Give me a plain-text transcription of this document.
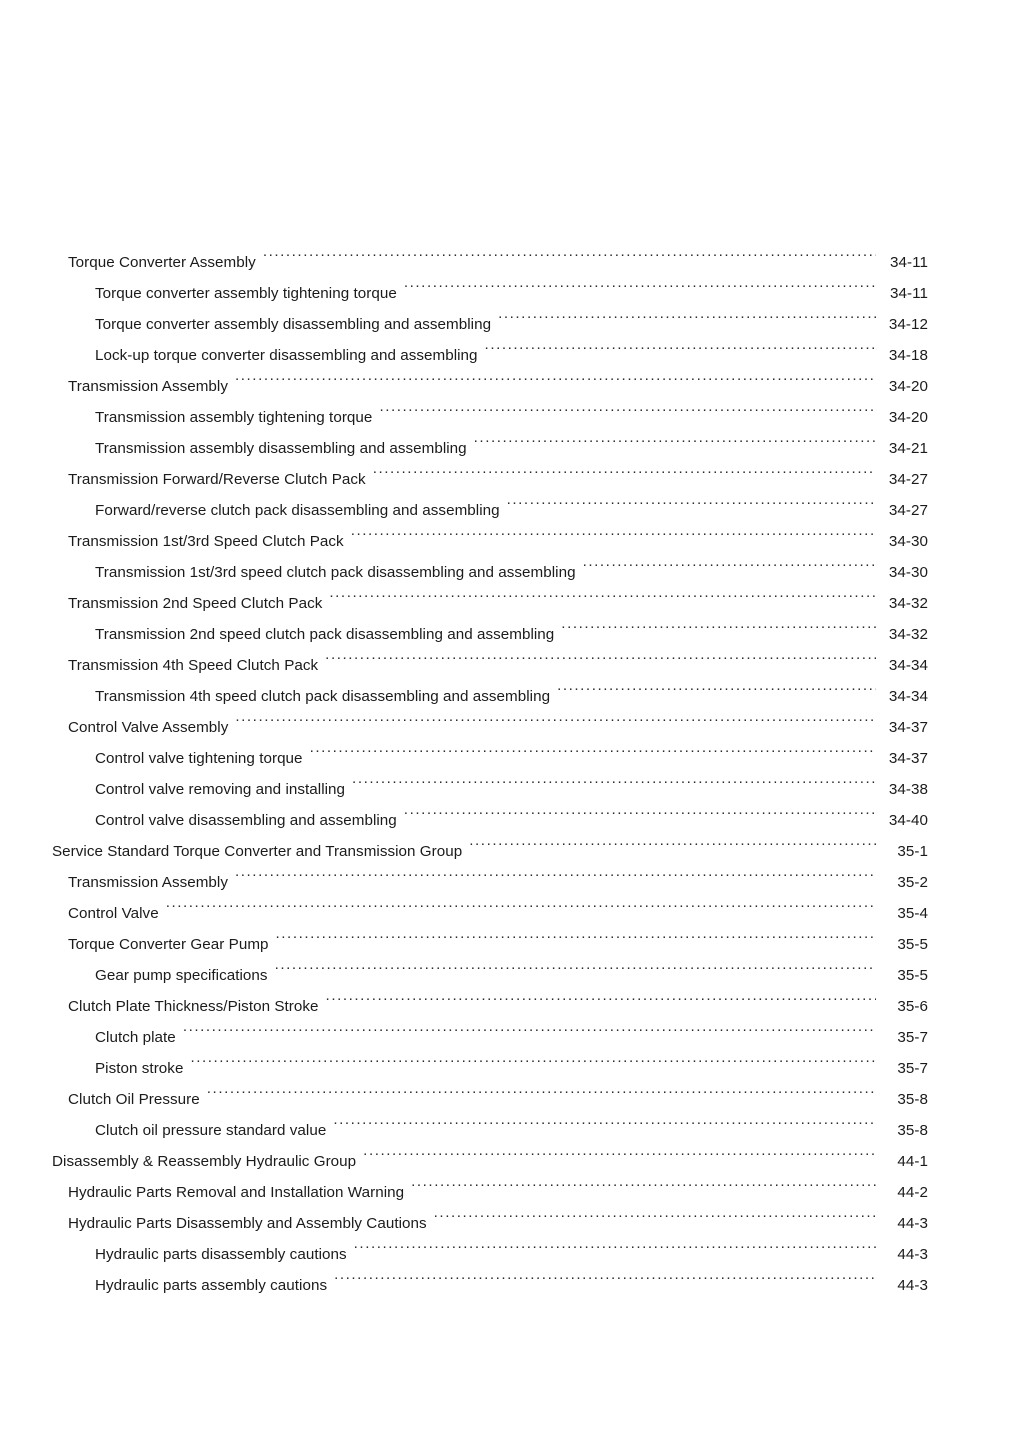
Torque Converter Assembly .....	34-11
Torque converter assembly tightening torque .....	34-11
Torque converter assembly disassembling and assembling .....	34-12
Lock-up torque converter disassembling and assembling .....	34-18
Transmission Assembly .....	34-20
Transmission assembly tightening torque .....	34-20
Transmission assembly disassembling and assembling .....	34-21
Transmission Forward/Reverse Clutch Pack .....	34-27
Forward/reverse clutch pack disassembling and assembling .....	34-27
Transmission 1st/3rd Speed Clutch Pack .....	34-30
Transmission 1st/3rd speed clutch pack disassembling and assembling .....	34-30
Transmission 2nd Speed Clutch Pack .....	34-32
Transmission 2nd speed clutch pack disassembling and assembling .....	34-32
Transmission 4th Speed Clutch Pack .....	34-34
Transmission 4th speed clutch pack disassembling and assembling .....	34-34
Control Valve Assembly .....	34-37
Control valve tightening torque .....	34-37
Control valve removing and installing .....	34-38
Control valve disassembling and assembling .....	34-40
Service Standard Torque Converter and Transmission Group .....	35-1
Transmission Assembly .....	35-2
Control Valve .....	35-4
Torque Converter Gear Pump .....	35-5
Gear pump specifications .....	35-5
Clutch Plate Thickness/Piston Stroke .....	35-6
Clutch plate .....	35-7
Piston stroke .....	35-7
Clutch Oil Pressure .....	35-8
Clutch oil pressure standard value .....	35-8
Disassembly & Reassembly Hydraulic Group .....	44-1
Hydraulic Parts Removal and Installation Warning .....	44-2
Hydraulic Parts Disassembly and Assembly Cautions .....	44-3
Hydraulic parts disassembly cautions .....	44-3
Hydraulic parts assembly cautions .....	44-3
